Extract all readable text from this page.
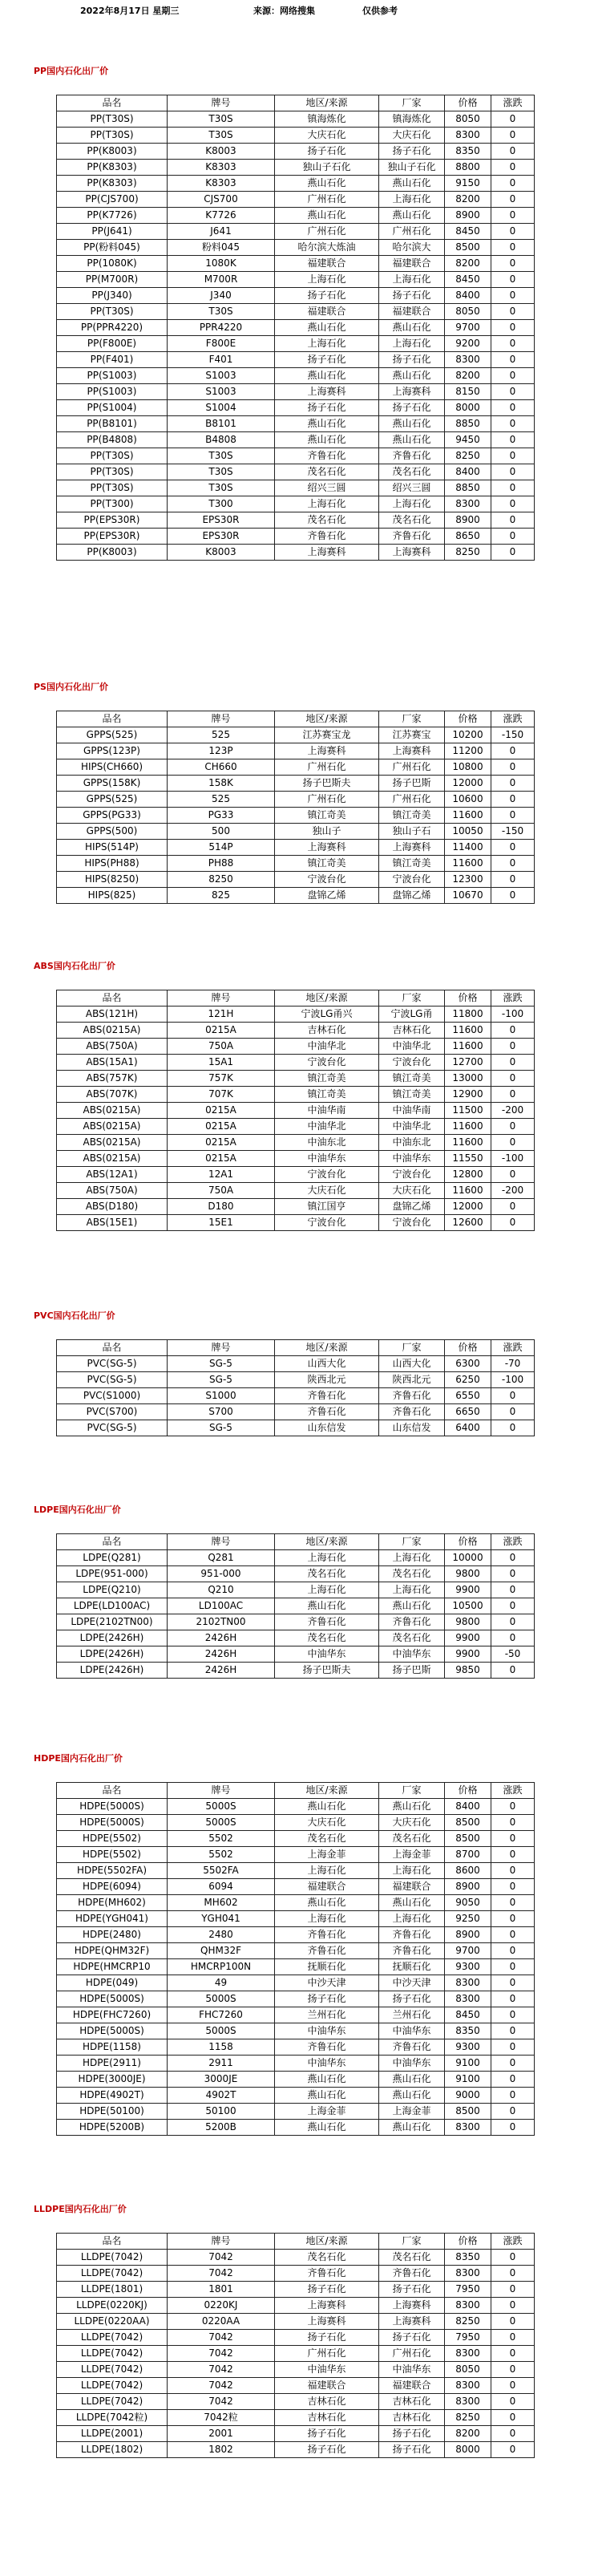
2022年8月17日 星期三	来源：网络搜集	仅供参考
PP国内石化出厂价
品名	牌号	地区/来源	厂家	价格	涨跌
PP(T30S)	T30S	镇海炼化	镇海炼化	8050	0
PP(T30S)	T30S	大庆石化	大庆石化	8300	0
PP(K8003)	K8003	扬子石化	扬子石化	8350	0
PP(K8303)	K8303	独山子石化	独山子石化	8800	0
PP(K8303)	K8303	燕山石化	燕山石化	9150	0
PP(CJS700)	CJS700	广州石化	上海石化	8200	0
PP(K7726)	K7726	燕山石化	燕山石化	8900	0
PP(J641)	J641	广州石化	广州石化	8450	0
PP(粉料045)	粉料045	哈尔滨大炼油	哈尔滨大	8500	0
PP(1080K)	1080K	福建联合	福建联合	8200	0
PP(M700R)	M700R	上海石化	上海石化	8450	0
PP(J340)	J340	扬子石化	扬子石化	8400	0
PP(T30S)	T30S	福建联合	福建联合	8050	0
PP(PPR4220)	PPR4220	燕山石化	燕山石化	9700	0
PP(F800E)	F800E	上海石化	上海石化	9200	0
PP(F401)	F401	扬子石化	扬子石化	8300	0
PP(S1003)	S1003	燕山石化	燕山石化	8200	0
PP(S1003)	S1003	上海赛科	上海赛科	8150	0
PP(S1004)	S1004	扬子石化	扬子石化	8000	0
PP(B8101)	B8101	燕山石化	燕山石化	8850	0
PP(B4808)	B4808	燕山石化	燕山石化	9450	0
PP(T30S)	T30S	齐鲁石化	齐鲁石化	8250	0
PP(T30S)	T30S	茂名石化	茂名石化	8400	0
PP(T30S)	T30S	绍兴三圆	绍兴三圆	8850	0
PP(T300)	T300	上海石化	上海石化	8300	0
PP(EPS30R)	EPS30R	茂名石化	茂名石化	8900	0
PP(EPS30R)	EPS30R	齐鲁石化	齐鲁石化	8650	0
PP(K8003)	K8003	上海赛科	上海赛科	8250	0
PS国内石化出厂价
品名	牌号	地区/来源	厂家	价格	涨跌
GPPS(525)	525	江苏赛宝龙	江苏赛宝	10200	-150
GPPS(123P)	123P	上海赛科	上海赛科	11200	0
HIPS(CH660)	CH660	广州石化	广州石化	10800	0
GPPS(158K)	158K	扬子巴斯夫	扬子巴斯	12000	0
GPPS(525)	525	广州石化	广州石化	10600	0
GPPS(PG33)	PG33	镇江奇美	镇江奇美	11600	0
GPPS(500)	500	独山子	独山子石	10050	-150
HIPS(514P)	514P	上海赛科	上海赛科	11400	0
HIPS(PH88)	PH88	镇江奇美	镇江奇美	11600	0
HIPS(8250)	8250	宁波台化	宁波台化	12300	0
HIPS(825)	825	盘锦乙烯	盘锦乙烯	10670	0
ABS国内石化出厂价
品名	牌号	地区/来源	厂家	价格	涨跌
ABS(121H)	121H	宁波LG甬兴	宁波LG甬	11800	-100
ABS(0215A)	0215A	吉林石化	吉林石化	11600	0
ABS(750A)	750A	中油华北	中油华北	11600	0
ABS(15A1)	15A1	宁波台化	宁波台化	12700	0
ABS(757K)	757K	镇江奇美	镇江奇美	13000	0
ABS(707K)	707K	镇江奇美	镇江奇美	12900	0
ABS(0215A)	0215A	中油华南	中油华南	11500	-200
ABS(0215A)	0215A	中油华北	中油华北	11600	0
ABS(0215A)	0215A	中油东北	中油东北	11600	0
ABS(0215A)	0215A	中油华东	中油华东	11550	-100
ABS(12A1)	12A1	宁波台化	宁波台化	12800	0
ABS(750A)	750A	大庆石化	大庆石化	11600	-200
ABS(D180)	D180	镇江国亨	盘锦乙烯	12000	0
ABS(15E1)	15E1	宁波台化	宁波台化	12600	0
PVC国内石化出厂价
品名	牌号	地区/来源	厂家	价格	涨跌
PVC(SG-5)	SG-5	山西大化	山西大化	6300	-70
PVC(SG-5)	SG-5	陕西北元	陕西北元	6250	-100
PVC(S1000)	S1000	齐鲁石化	齐鲁石化	6550	0
PVC(S700)	S700	齐鲁石化	齐鲁石化	6650	0
PVC(SG-5)	SG-5	山东信发	山东信发	6400	0
LDPE国内石化出厂价
品名	牌号	地区/来源	厂家	价格	涨跌
LDPE(Q281)	Q281	上海石化	上海石化	10000	0
LDPE(951-000)	951-000	茂名石化	茂名石化	9800	0
LDPE(Q210)	Q210	上海石化	上海石化	9900	0
LDPE(LD100AC)	LD100AC	燕山石化	燕山石化	10500	0
LDPE(2102TN00)	2102TN00	齐鲁石化	齐鲁石化	9800	0
LDPE(2426H)	2426H	茂名石化	茂名石化	9900	0
LDPE(2426H)	2426H	中油华东	中油华东	9900	-50
LDPE(2426H)	2426H	扬子巴斯夫	扬子巴斯	9850	0
HDPE国内石化出厂价
品名	牌号	地区/来源	厂家	价格	涨跌
HDPE(5000S)	5000S	燕山石化	燕山石化	8400	0
HDPE(5000S)	5000S	大庆石化	大庆石化	8500	0
HDPE(5502)	5502	茂名石化	茂名石化	8500	0
HDPE(5502)	5502	上海金菲	上海金菲	8700	0
HDPE(5502FA)	5502FA	上海石化	上海石化	8600	0
HDPE(6094)	6094	福建联合	福建联合	8900	0
HDPE(MH602)	MH602	燕山石化	燕山石化	9050	0
HDPE(YGH041)	YGH041	上海石化	上海石化	9250	0
HDPE(2480)	2480	齐鲁石化	齐鲁石化	8900	0
HDPE(QHM32F)	QHM32F	齐鲁石化	齐鲁石化	9700	0
HDPE(HMCRP10	HMCRP100N	抚顺石化	抚顺石化	9300	0
HDPE(049)	49	中沙天津	中沙天津	8300	0
HDPE(5000S)	5000S	扬子石化	扬子石化	8300	0
HDPE(FHC7260)	FHC7260	兰州石化	兰州石化	8450	0
HDPE(5000S)	5000S	中油华东	中油华东	8350	0
HDPE(1158)	1158	齐鲁石化	齐鲁石化	9300	0
HDPE(2911)	2911	中油华东	中油华东	9100	0
HDPE(3000JE)	3000JE	燕山石化	燕山石化	9100	0
HDPE(4902T)	4902T	燕山石化	燕山石化	9000	0
HDPE(50100)	50100	上海金菲	上海金菲	8500	0
HDPE(5200B)	5200B	燕山石化	燕山石化	8300	0
LLDPE国内石化出厂价
品名	牌号	地区/来源	厂家	价格	涨跌
LLDPE(7042)	7042	茂名石化	茂名石化	8350	0
LLDPE(7042)	7042	齐鲁石化	齐鲁石化	8300	0
LLDPE(1801)	1801	扬子石化	扬子石化	7950	0
LLDPE(0220KJ)	0220KJ	上海赛科	上海赛科	8300	0
LLDPE(0220AA)	0220AA	上海赛科	上海赛科	8250	0
LLDPE(7042)	7042	扬子石化	扬子石化	7950	0
LLDPE(7042)	7042	广州石化	广州石化	8300	0
LLDPE(7042)	7042	中油华东	中油华东	8050	0
LLDPE(7042)	7042	福建联合	福建联合	8300	0
LLDPE(7042)	7042	吉林石化	吉林石化	8300	0
LLDPE(7042粒)	7042粒	吉林石化	吉林石化	8250	0
LLDPE(2001)	2001	扬子石化	扬子石化	8200	0
LLDPE(1802)	1802	扬子石化	扬子石化	8000	0
